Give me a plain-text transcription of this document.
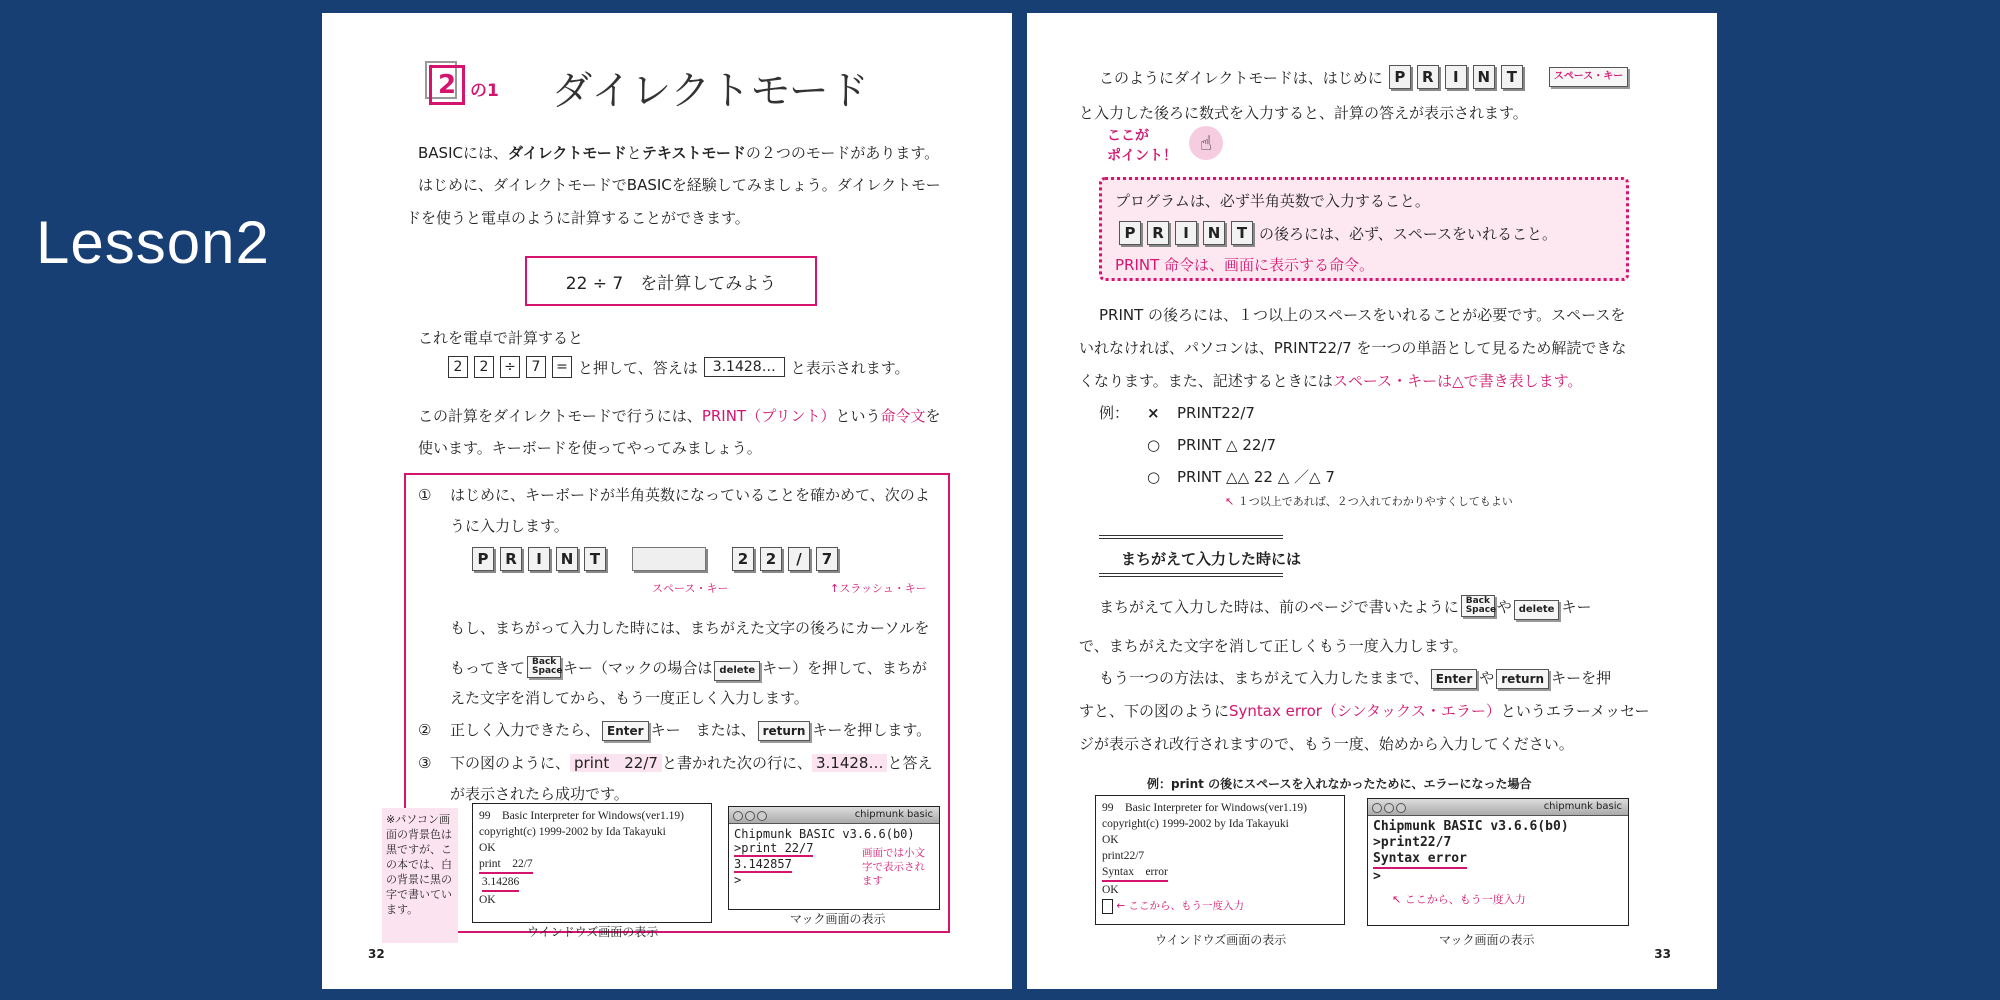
Lesson2
2 の1 ダイレクトモード
BASICには、ダイレクトモードとテキストモードの２つのモードがあります。
はじめに、ダイレクトモードでBASICを経験してみましょう。ダイレクトモー
ドを使うと電卓のように計算することができます。
22 ÷ 7　を計算してみよう
これを電卓で計算すると
2	2	÷	7	= と押して、答えは	3.1428…	と表示されます。
この計算をダイレクトモードで行うには、PRINT（プリント）という命令文を
使います。キーボードを使ってやってみましょう。
① はじめに、キーボードが半角英数になっていることを確かめて、次のよ
うに入力します。
P	R	I	N	T	2	2	/	7
スペース・キー	↑スラッシュ・キー
もし、まちがって入力した時には、まちがえた文字の後ろにカーソルを
もってきて Back Spaceキー（マックの場合は delete キー）を押して、まちが
えた文字を消してから、もう一度正しく入力します。
② 正しく入力できたら、 Enter キー　または、 return キーを押します。
③ 下の図のように、 print　22/7 と書かれた次の行に、 3.1428… と答え
が表示されたら成功です。
※パソコン画
面の背景色は
黒ですが、こ
の本では、白
の背景に黒の
字で書いてい
ます。
99　Basic Interpreter for Windows(ver1.19)
copyright(c) 1999-2002 by Ida Takayuki
OK
print　22/7
3.14286
OK
ウインドウズ画面の表示
chipmunk basic
Chipmunk BASIC v3.6.6(b0)
>print 22/7
3.142857
>
画面では小文
字で表示され
ます
マック画面の表示
32
このようにダイレクトモードは、はじめに P	R	I	N	T	スペース・キー
と入力した後ろに数式を入力すると、計算の答えが表示されます。
ここが
ポイント！
☝
プログラムは、必ず半角英数で入力すること。
P	R	I	N	T の後ろには、必ず、スペースをいれること。
PRINT 命令は、画面に表示する命令。
PRINT の後ろには、１つ以上のスペースをいれることが必要です。スペースを
いれなければ、パソコンは、PRINT22/7 を一つの単語として見るため解読できな
くなります。また、記述するときにはスペース・キーは△で書き表します。
例： × PRINT22/7
○ PRINT △ 22/7
○ PRINT △△ 22 △ ／△ 7
↖ １つ以上であれば、２つ入れてわかりやすくしてもよい
まちがえて入力した時には
まちがえて入力した時は、前のページで書いたように Back Spaceや delete キー
で、まちがえた文字を消して正しくもう一度入力します。
もう一つの方法は、まちがえて入力したままで、 Enter や return キーを押
すと、下の図のようにSyntax error（シンタックス・エラー）というエラーメッセー
ジが表示され改行されますので、もう一度、始めから入力してください。
例：print の後にスペースを入れなかったために、エラーになった場合
99　Basic Interpreter for Windows(ver1.19)
copyright(c) 1999-2002 by Ida Takayuki
OK
print22/7
Syntax　error
OK
← ここから、もう一度入力
ウインドウズ画面の表示
chipmunk basic
Chipmunk BASIC v3.6.6(b0)
>print22/7
Syntax error
>
↖ ここから、もう一度入力
マック画面の表示
33
